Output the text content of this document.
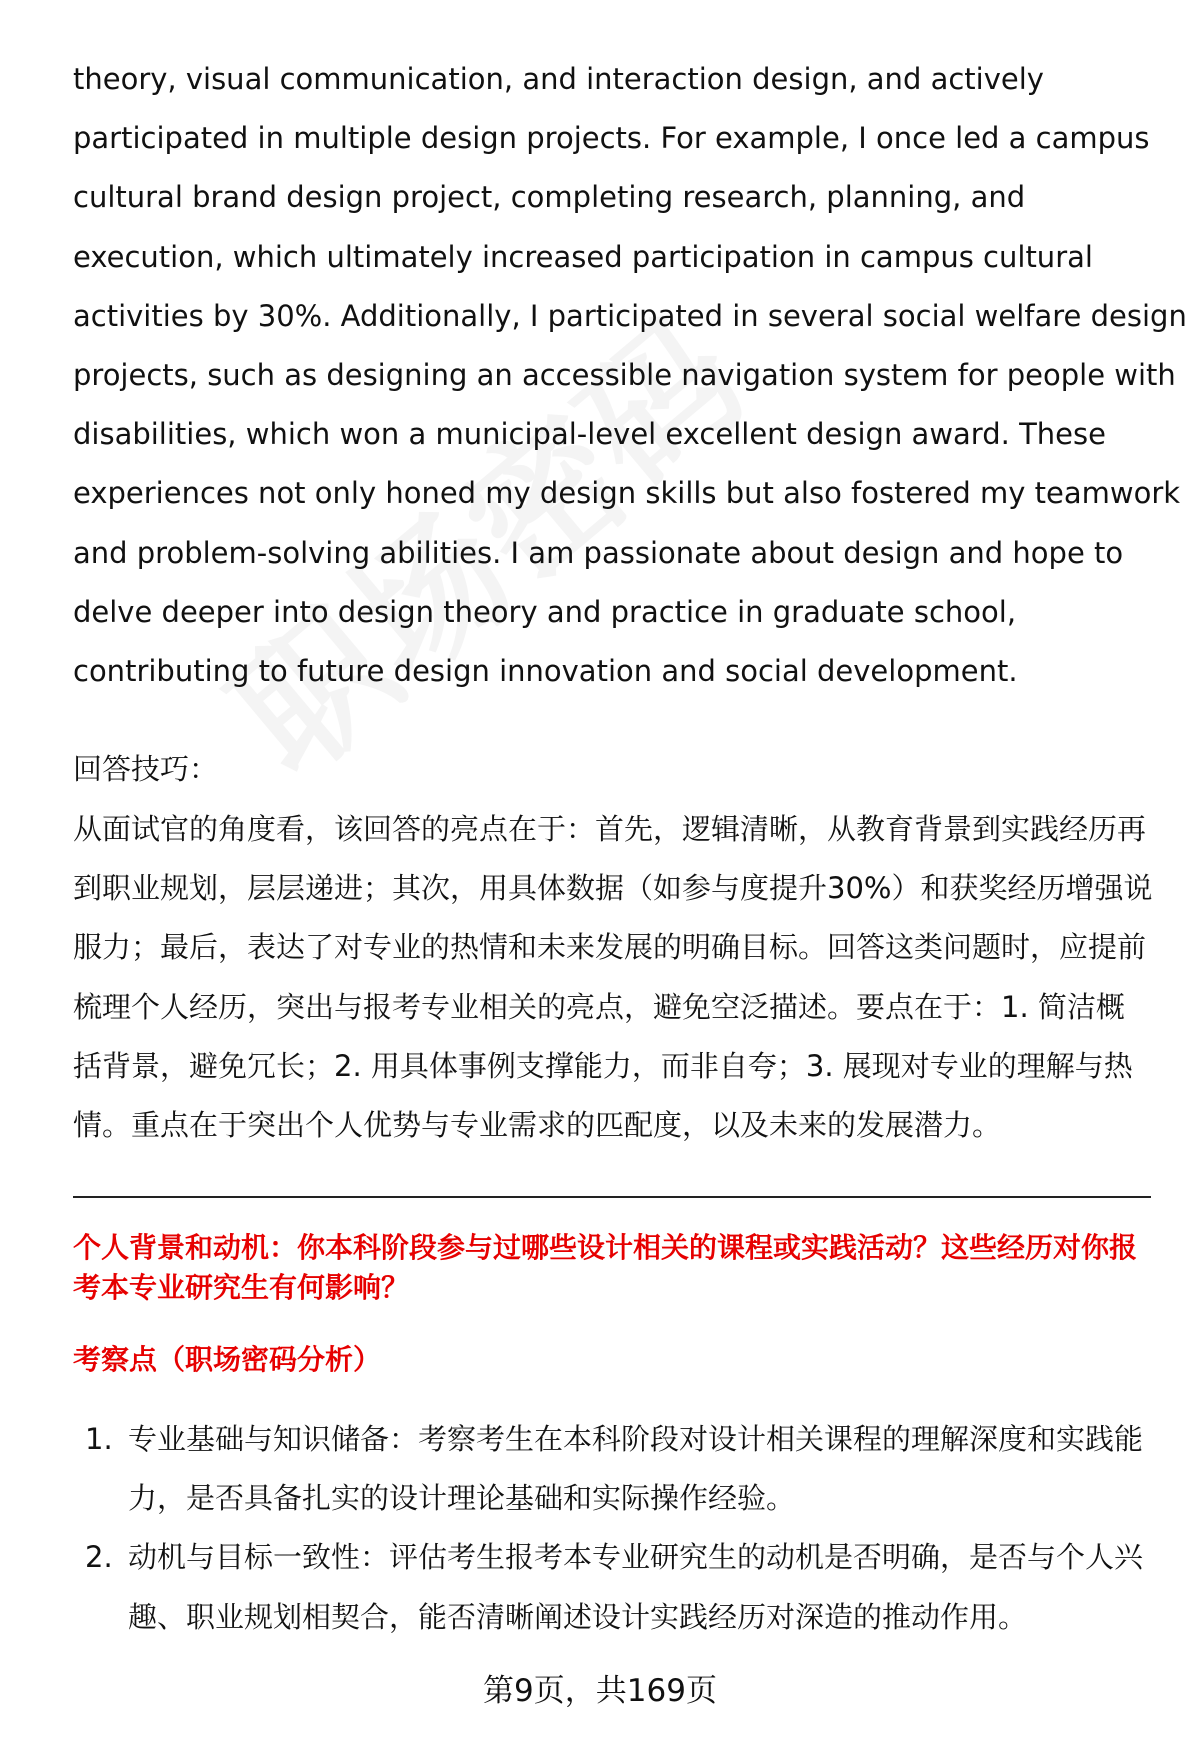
theory, visual communication, and interaction design, and actively
participated in multiple design projects. For example, I once led a campus
cultural brand design project, completing research, planning, and
execution, which ultimately increased participation in campus cultural
activities by 30%. Additionally, I participated in several social welfare design
projects, such as designing an accessible navigation system for people with
disabilities, which won a municipal-level excellent design award. These
experiences not only honed my design skills but also fostered my teamwork
and problem-solving abilities. I am passionate about design and hope to
delve deeper into design theory and practice in graduate school,
contributing to future design innovation and social development.
回答技巧：
从面试官的角度看，该回答的亮点在于：首先，逻辑清晰，从教育背景到实践经历再到职业规划，层层递进；其次，用具体数据（如参与度提升30%）和获奖经历增强说服力；最后，表达了对专业的热情和未来发展的明确目标。回答这类问题时，应提前梳理个人经历，突出与报考专业相关的亮点，避免空泛描述。要点在于：1. 简洁概括背景，避免冗长；2. 用具体事例支撑能力，而非自夸；3. 展现对专业的理解与热情。重点在于突出个人优势与专业需求的匹配度，以及未来的发展潜力。
个人背景和动机：你本科阶段参与过哪些设计相关的课程或实践活动？这些经历对你报考本专业研究生有何影响？
考察点（职场密码分析）
1. 专业基础与知识储备：考察考生在本科阶段对设计相关课程的理解深度和实践能力，是否具备扎实的设计理论基础和实际操作经验。
2. 动机与目标一致性：评估考生报考本专业研究生的动机是否明确，是否与个人兴趣、职业规划相契合，能否清晰阐述设计实践经历对深造的推动作用。
第9页，共169页
